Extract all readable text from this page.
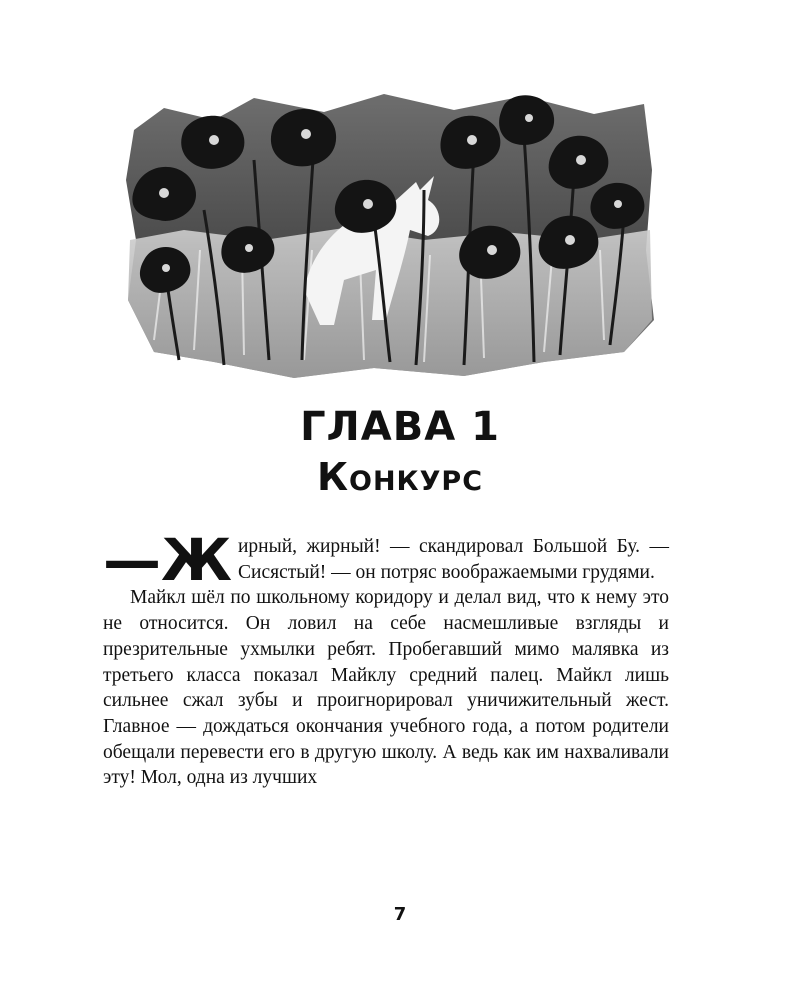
ГЛАВА 1
Конкурс

—Ж ирный, жирный! — скандировал Большой Бу. — Сисястый! — он потряс воображаемыми грудями.

Майкл шёл по школьному коридору и делал вид, что к нему это не относится. Он ловил на себе насмешливые взгляды и презрительные ухмылки ребят. Пробегавший мимо малявка из третьего класса показал Майклу средний палец. Майкл лишь сильнее сжал зубы и проигнорировал уничижительный жест. Главное — дождаться окончания учебного года, а потом родители обещали перевести его в другую школу. А ведь как им нахваливали эту! Мол, одна из лучших

7
